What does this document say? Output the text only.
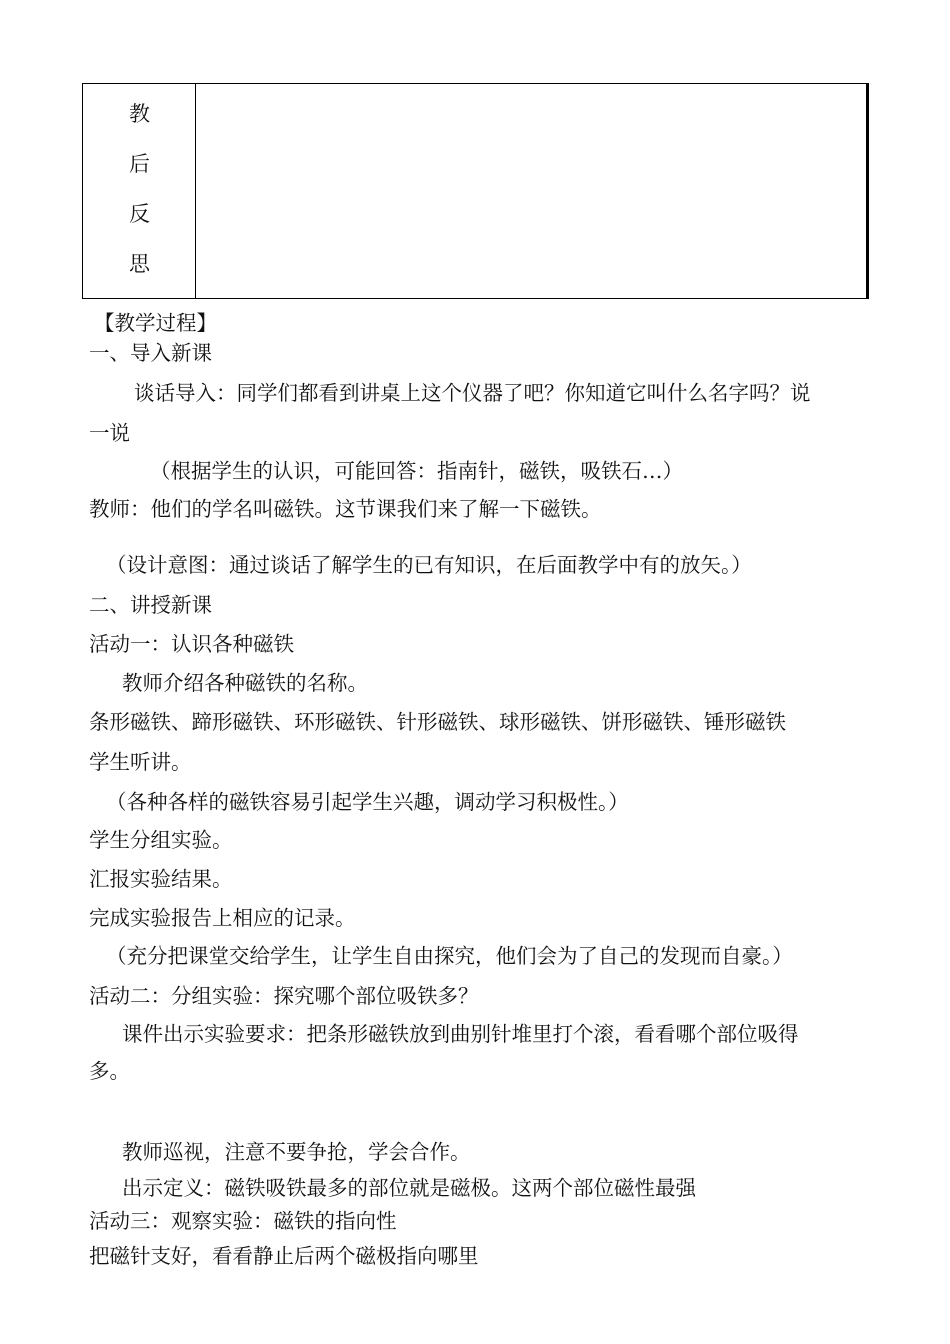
教
后
反
思
【教学过程】
一、导入新课
谈话导入：同学们都看到讲桌上这个仪器了吧？你知道它叫什么名字吗？说
一说
（根据学生的认识，可能回答：指南针，磁铁，吸铁石…）
教师：他们的学名叫磁铁。这节课我们来了解一下磁铁。
（设计意图：通过谈话了解学生的已有知识，在后面教学中有的放矢。）
二、讲授新课
活动一：认识各种磁铁
教师介绍各种磁铁的名称。
条形磁铁、蹄形磁铁、环形磁铁、针形磁铁、球形磁铁、饼形磁铁、锤形磁铁
学生听讲。
（各种各样的磁铁容易引起学生兴趣，调动学习积极性。）
学生分组实验。
汇报实验结果。
完成实验报告上相应的记录。
（充分把课堂交给学生，让学生自由探究，他们会为了自己的发现而自豪。）
活动二：分组实验：探究哪个部位吸铁多？
课件出示实验要求：把条形磁铁放到曲别针堆里打个滚，看看哪个部位吸得
多。
教师巡视，注意不要争抢，学会合作。
出示定义：磁铁吸铁最多的部位就是磁极。这两个部位磁性最强
活动三：观察实验：磁铁的指向性
把磁针支好，看看静止后两个磁极指向哪里
